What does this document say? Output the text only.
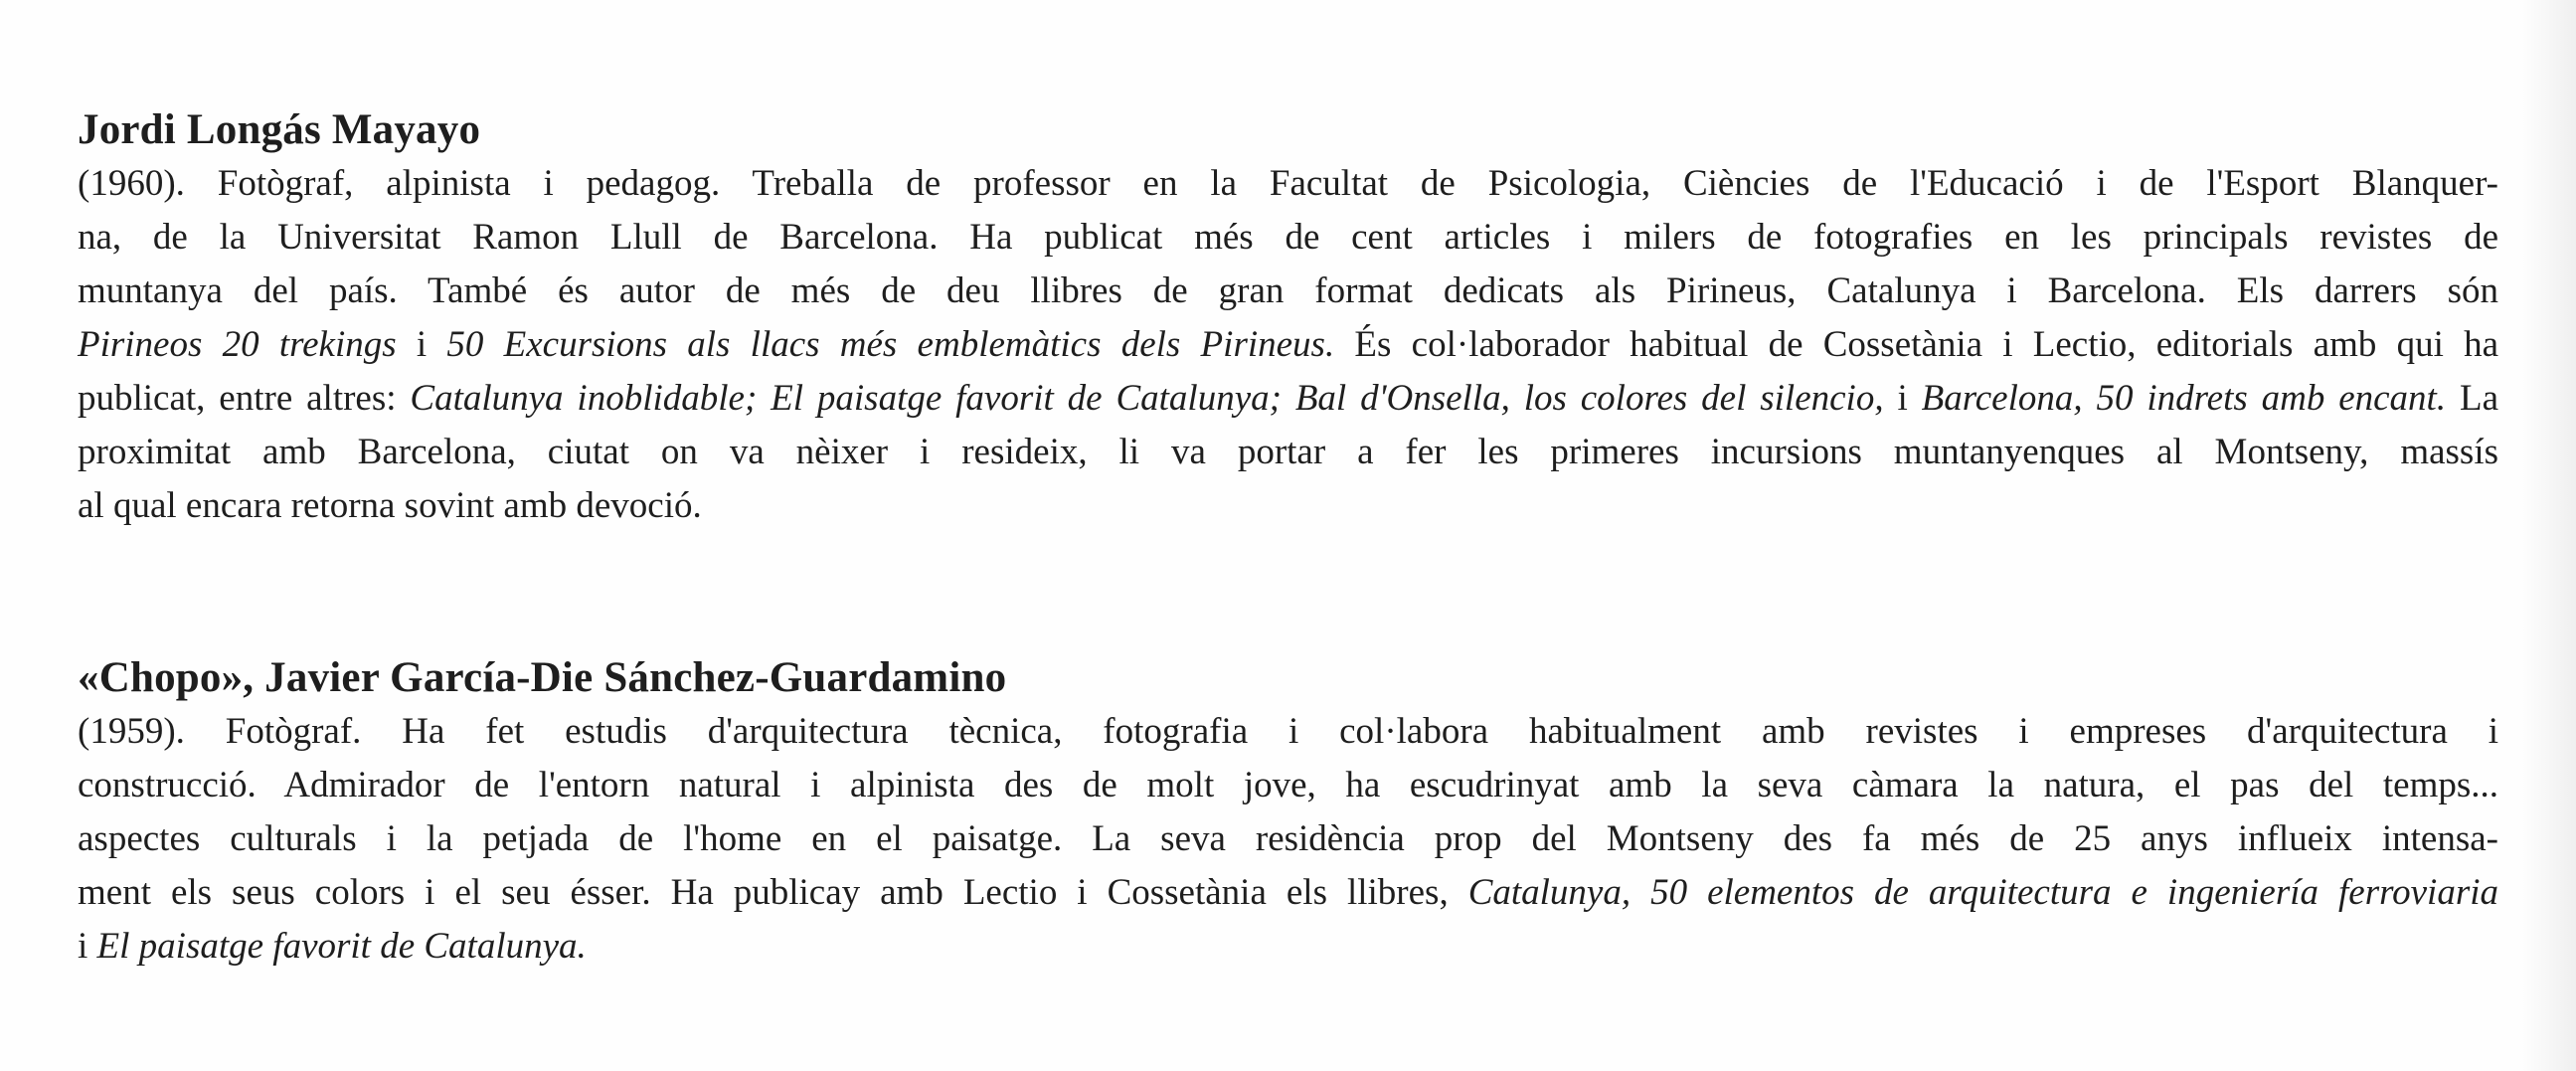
Jordi Longás Mayayo

(1960). Fotògraf, alpinista i pedagog. Treballa de professor en la Facultat de Psicologia, Ciències de l'Educació i de l'Esport Blanquer-
na, de la Universitat Ramon Llull de Barcelona. Ha publicat més de cent articles i milers de fotografies en les principals revistes de
muntanya del país. També és autor de més de deu llibres de gran format dedicats als Pirineus, Catalunya i Barcelona. Els darrers són
Pirineos 20 trekings i 50 Excursions als llacs més emblemàtics dels Pirineus. És col·laborador habitual de Cossetània i Lectio, editorials amb qui ha
publicat, entre altres: Catalunya inoblidable; El paisatge favorit de Catalunya; Bal d'Onsella, los colores del silencio, i Barcelona, 50 indrets amb encant. La
proximitat amb Barcelona, ciutat on va nèixer i resideix, li va portar a fer les primeres incursions muntanyenques al Montseny, massís
al qual encara retorna sovint amb devoció.

«Chopo», Javier García-Die Sánchez-Guardamino

(1959). Fotògraf. Ha fet estudis d'arquitectura tècnica, fotografia i col·labora habitualment amb revistes i empreses d'arquitectura i
construcció. Admirador de l'entorn natural i alpinista des de molt jove, ha escudrinyat amb la seva càmara la natura, el pas del temps...
aspectes culturals i la petjada de l'home en el paisatge. La seva residència prop del Montseny des fa més de 25 anys influeix intensa-
ment els seus colors i el seu ésser. Ha publicay amb Lectio i Cossetània els llibres, Catalunya, 50 elementos de arquitectura e ingeniería ferroviaria
i El paisatge favorit de Catalunya.
